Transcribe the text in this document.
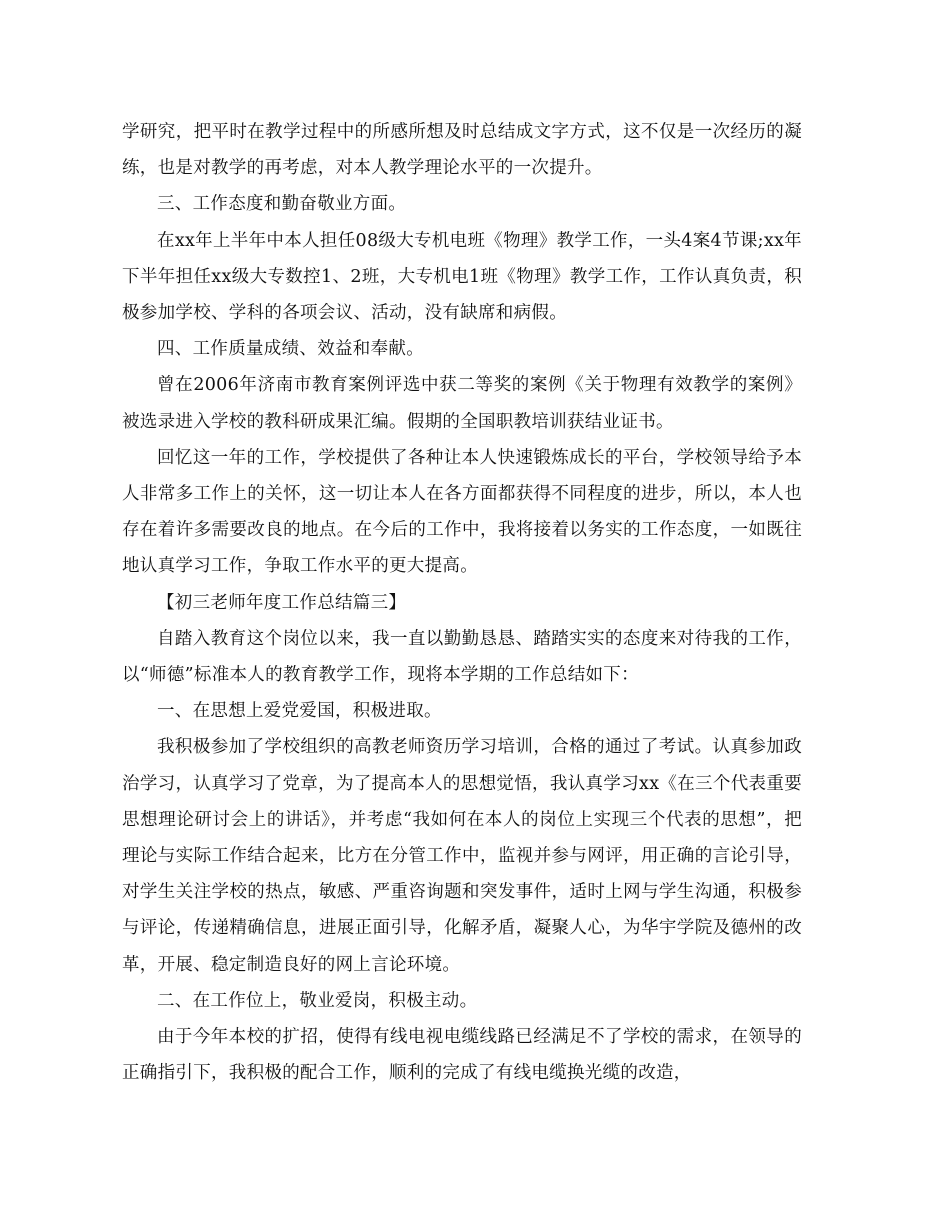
学研究，把平时在教学过程中的所感所想及时总结成文字方式，这不仅是一次经历的凝练，也是对教学的再考虑，对本人教学理论水平的一次提升。

三、工作态度和勤奋敬业方面。

在xx年上半年中本人担任08级大专机电班《物理》教学工作，一头4案4节课;xx年下半年担任xx级大专数控1、2班，大专机电1班《物理》教学工作，工作认真负责，积极参加学校、学科的各项会议、活动，没有缺席和病假。

四、工作质量成绩、效益和奉献。

曾在2006年济南市教育案例评选中获二等奖的案例《关于物理有效教学的案例》被选录进入学校的教科研成果汇编。假期的全国职教培训获结业证书。

回忆这一年的工作，学校提供了各种让本人快速锻炼成长的平台，学校领导给予本人非常多工作上的关怀，这一切让本人在各方面都获得不同程度的进步，所以，本人也存在着许多需要改良的地点。在今后的工作中，我将接着以务实的工作态度，一如既往地认真学习工作，争取工作水平的更大提高。

【初三老师年度工作总结篇三】

自踏入教育这个岗位以来，我一直以勤勤恳恳、踏踏实实的态度来对待我的工作，以“师德”标准本人的教育教学工作，现将本学期的工作总结如下：

一、在思想上爱党爱国，积极进取。

我积极参加了学校组织的高教老师资历学习培训，合格的通过了考试。认真参加政治学习，认真学习了党章，为了提高本人的思想觉悟，我认真学习xx《在三个代表重要思想理论研讨会上的讲话》，并考虑“我如何在本人的岗位上实现三个代表的思想”，把理论与实际工作结合起来，比方在分管工作中，监视并参与网评，用正确的言论引导，对学生关注学校的热点，敏感、严重咨询题和突发事件，适时上网与学生沟通，积极参与评论，传递精确信息，进展正面引导，化解矛盾，凝聚人心，为华宇学院及德州的改革，开展、稳定制造良好的网上言论环境。

二、在工作位上，敬业爱岗，积极主动。

由于今年本校的扩招，使得有线电视电缆线路已经满足不了学校的需求，在领导的正确指引下，我积极的配合工作，顺利的完成了有线电缆换光缆的改造，
